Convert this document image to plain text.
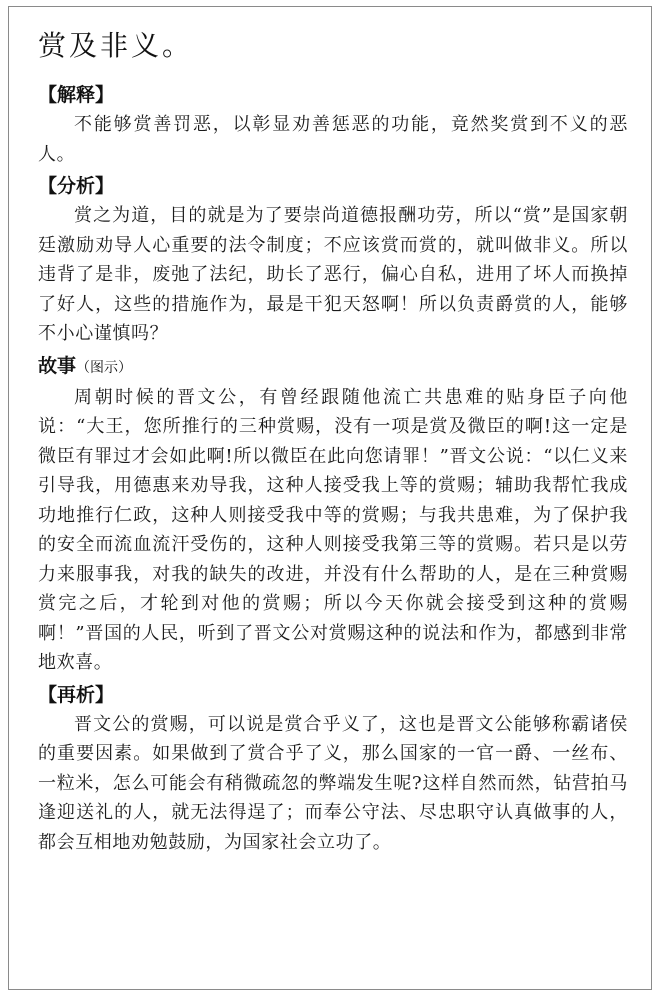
赏及非义。

【解释】

不能够赏善罚恶，以彰显劝善惩恶的功能，竟然奖赏到不义的恶人。

【分析】

赏之为道，目的就是为了要崇尚道德报酬功劳，所以“赏”是国家朝廷激励劝导人心重要的法令制度；不应该赏而赏的，就叫做非义。所以违背了是非，废弛了法纪，助长了恶行，偏心自私，进用了坏人而换掉了好人，这些的措施作为，最是干犯天怒啊！所以负责爵赏的人，能够不小心谨慎吗？

故事（图示）

周朝时候的晋文公，有曾经跟随他流亡共患难的贴身臣子向他说：“大王，您所推行的三种赏赐，没有一项是赏及微臣的啊!这一定是微臣有罪过才会如此啊!所以微臣在此向您请罪！”晋文公说：“以仁义来引导我，用德惠来劝导我，这种人接受我上等的赏赐；辅助我帮忙我成功地推行仁政，这种人则接受我中等的赏赐；与我共患难，为了保护我的安全而流血流汗受伤的，这种人则接受我第三等的赏赐。若只是以劳力来服事我，对我的缺失的改进，并没有什么帮助的人，是在三种赏赐赏完之后，才轮到对他的赏赐；所以今天你就会接受到这种的赏赐啊！”晋国的人民，听到了晋文公对赏赐这种的说法和作为，都感到非常地欢喜。

【再析】

晋文公的赏赐，可以说是赏合乎义了，这也是晋文公能够称霸诸侯的重要因素。如果做到了赏合乎了义，那么国家的一官一爵、一丝布、一粒米，怎么可能会有稍微疏忽的弊端发生呢?这样自然而然，钻营拍马逢迎送礼的人，就无法得逞了；而奉公守法、尽忠职守认真做事的人，都会互相地劝勉鼓励，为国家社会立功了。
